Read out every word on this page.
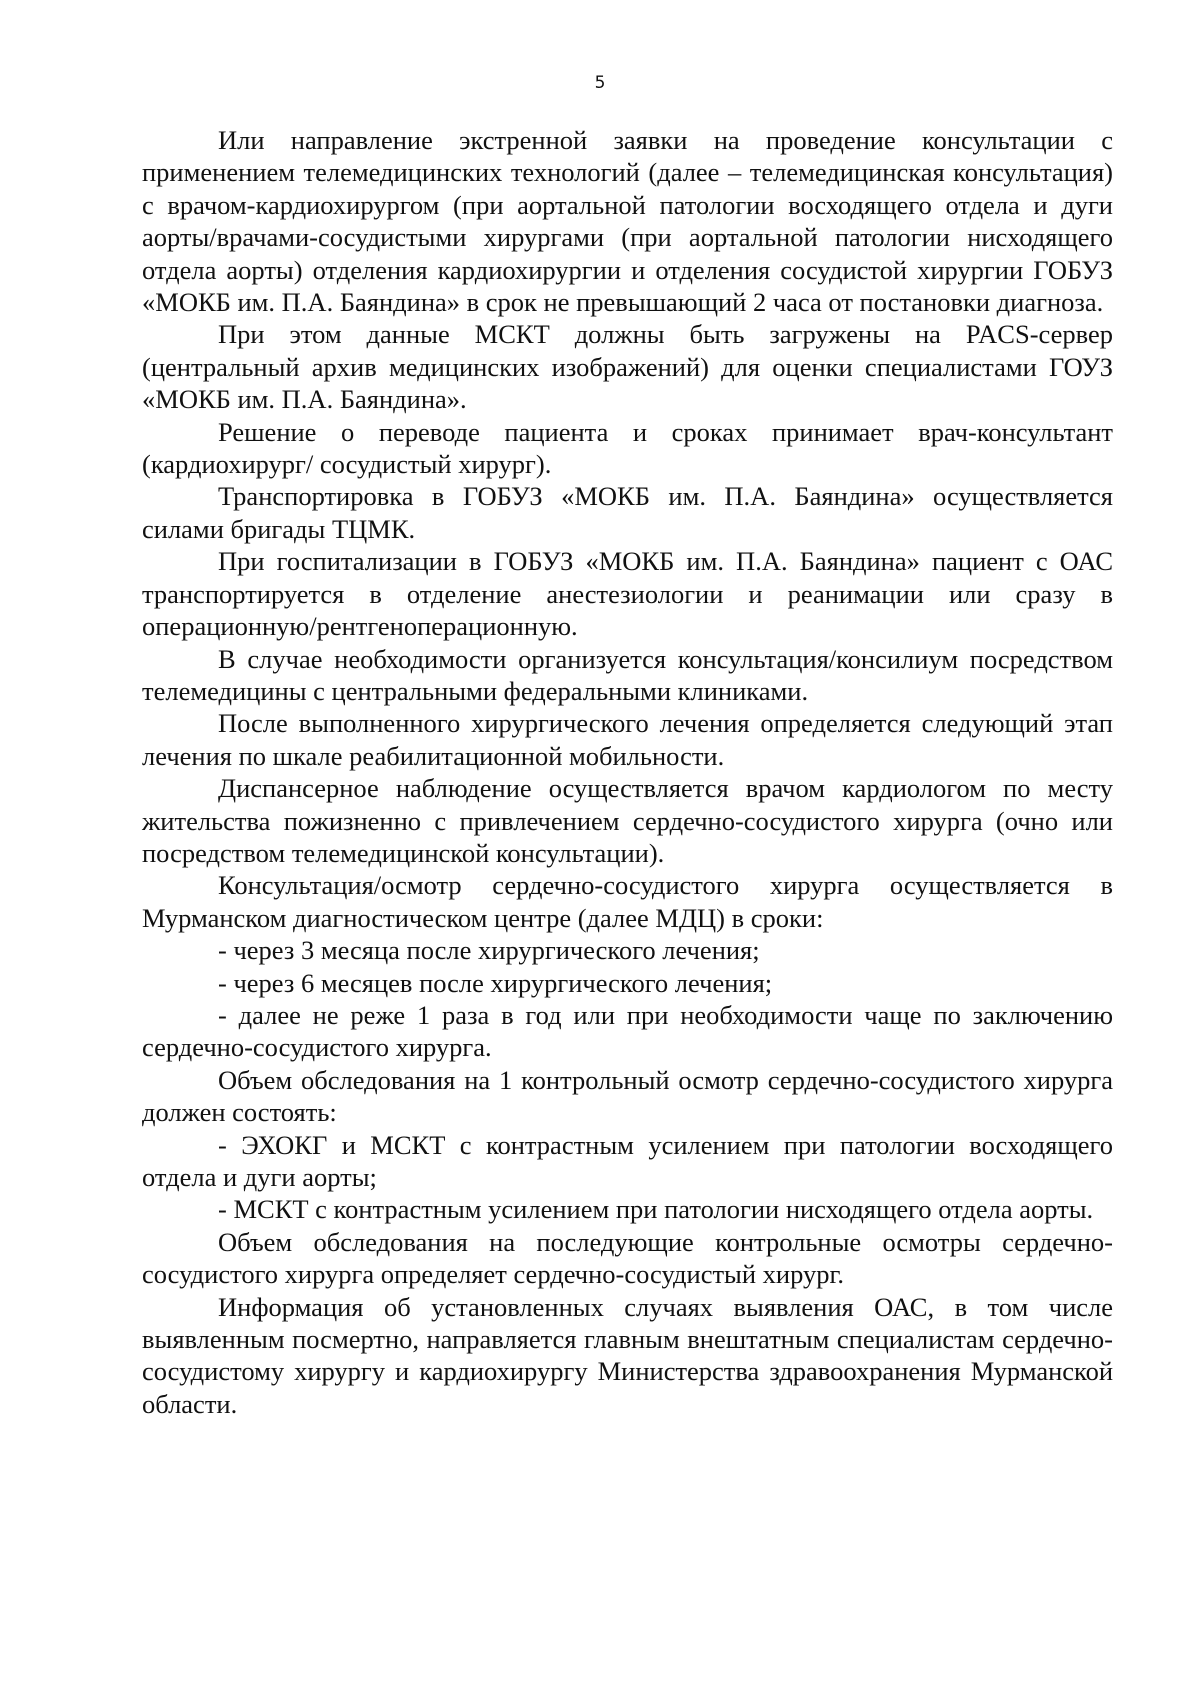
5

Или направление экстренной заявки на проведение консультации с применением телемедицинских технологий (далее – телемедицинская консультация) с врачом-кардиохирургом (при аортальной патологии восходящего отдела и дуги аорты/врачами-сосудистыми хирургами (при аортальной патологии нисходящего отдела аорты) отделения кардиохирургии и отделения сосудистой хирургии ГОБУЗ «МОКБ им. П.А. Баяндина» в срок не превышающий 2 часа от постановки диагноза.

При этом данные МСКТ должны быть загружены на PACS-сервер (центральный архив медицинских изображений) для оценки специалистами ГОУЗ «МОКБ им. П.А. Баяндина».

Решение о переводе пациента и сроках принимает врач-консультант (кардиохирург/ сосудистый хирург).

Транспортировка в ГОБУЗ «МОКБ им. П.А. Баяндина» осуществляется силами бригады ТЦМК.

При госпитализации в ГОБУЗ «МОКБ им. П.А. Баяндина» пациент с ОАС транспортируется в отделение анестезиологии и реанимации или сразу в операционную/рентгеноперационную.

В случае необходимости организуется консультация/консилиум посредством телемедицины с центральными федеральными клиниками.

После выполненного хирургического лечения определяется следующий этап лечения по шкале реабилитационной мобильности.

Диспансерное наблюдение осуществляется врачом кардиологом по месту жительства пожизненно с привлечением сердечно-сосудистого хирурга (очно или посредством телемедицинской консультации).

Консультация/осмотр сердечно-сосудистого хирурга осуществляется в Мурманском диагностическом центре (далее МДЦ) в сроки:

- через 3 месяца после хирургического лечения;

- через 6 месяцев после хирургического лечения;

- далее не реже 1 раза в год или при необходимости чаще по заключению сердечно-сосудистого хирурга.

Объем обследования на 1 контрольный осмотр сердечно-сосудистого хирурга должен состоять:

- ЭХОКГ и МСКТ с контрастным усилением при патологии восходящего отдела и дуги аорты;

- МСКТ с контрастным усилением при патологии нисходящего отдела аорты.

Объем обследования на последующие контрольные осмотры сердечно-сосудистого хирурга определяет сердечно-сосудистый хирург.

Информация об установленных случаях выявления ОАС, в том числе выявленным посмертно, направляется главным внештатным специалистам сердечно-сосудистому хирургу и кардиохирургу Министерства здравоохранения Мурманской области.
